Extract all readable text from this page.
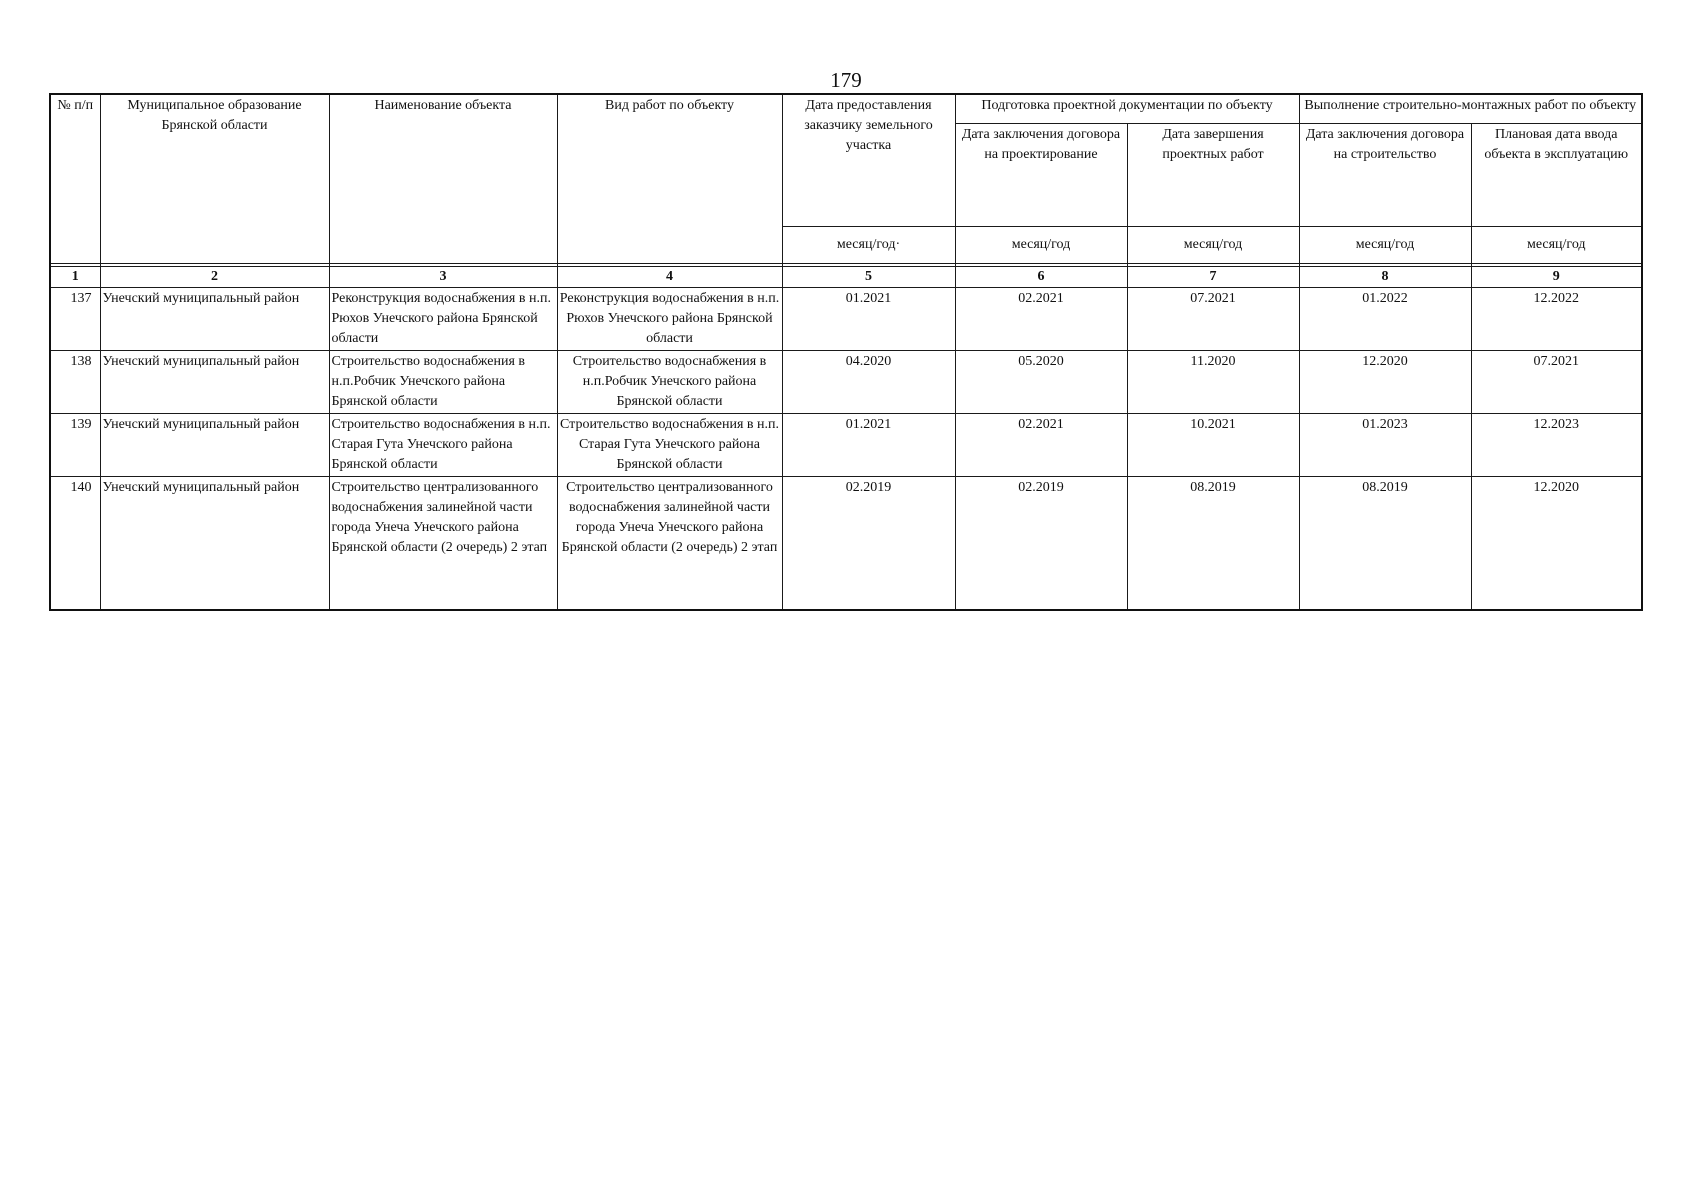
179
№ п/п	Муниципальное образование Брянской области	Наименование объекта	Вид работ по объекту	Дата предоставления заказчику земельного участка	Подготовка проектной документации по объекту		Выполнение строительно-монтажных работ по объекту	
					Дата заключения договора на проектирование	Дата завершения проектных работ	Дата заключения договора на строительство	Плановая дата ввода объекта в эксплуатацию
				месяц/год·	месяц/год	месяц/год	месяц/год	месяц/год

1	2	3	4	5	6	7	8	9
137	Унечский муниципальный район	Реконструкция водоснабжения в н.п. Рюхов Унечского района Брянской области	Реконструкция водоснабжения в н.п. Рюхов Унечского района Брянской области	01.2021	02.2021	07.2021	01.2022	12.2022
138	Унечский муниципальный район	Строительство водоснабжения в н.п.Робчик Унечского района Брянской области	Строительство водоснабжения в н.п.Робчик Унечского района Брянской области	04.2020	05.2020	11.2020	12.2020	07.2021
139	Унечский муниципальный район	Строительство водоснабжения в н.п. Старая Гута Унечского района Брянской области	Строительство водоснабжения в н.п. Старая Гута Унечского района Брянской области	01.2021	02.2021	10.2021	01.2023	12.2023
140	Унечский муниципальный район	Строительство централизованного водоснабжения залинейной части города Унеча Унечского района Брянской области (2 очередь) 2 этап	Строительство централизованного водоснабжения залинейной части города Унеча Унечского района Брянской области (2 очередь) 2 этап	02.2019	02.2019	08.2019	08.2019	12.2020
